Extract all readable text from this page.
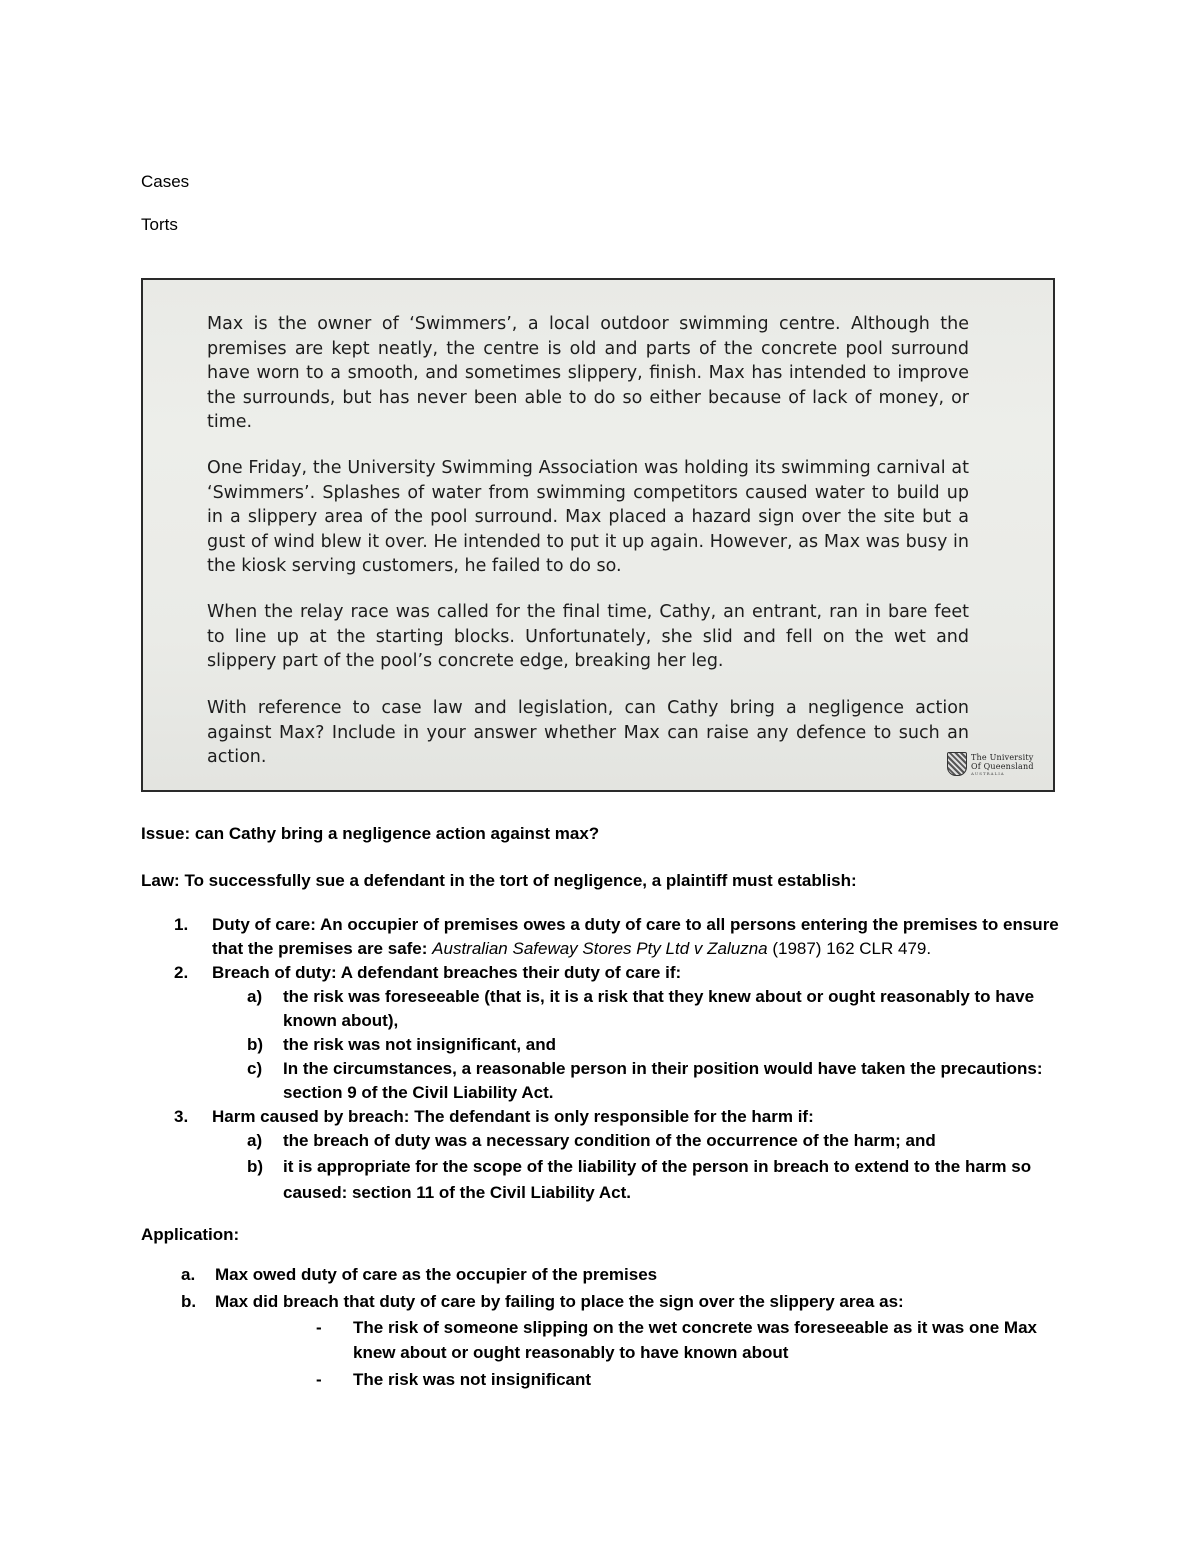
Cases
Torts
Max is the owner of ‘Swimmers’, a local outdoor swimming centre. Although the premises are kept neatly, the centre is old and parts of the concrete pool surround have worn to a smooth, and sometimes slippery, finish. Max has intended to improve the surrounds, but has never been able to do so either because of lack of money, or time.
One Friday, the University Swimming Association was holding its swimming carnival at ‘Swimmers’. Splashes of water from swimming competitors caused water to build up in a slippery area of the pool surround. Max placed a hazard sign over the site but a gust of wind blew it over. He intended to put it up again. However, as Max was busy in the kiosk serving customers, he failed to do so.
When the relay race was called for the final time, Cathy, an entrant, ran in bare feet to line up at the starting blocks. Unfortunately, she slid and fell on the wet and slippery part of the pool’s concrete edge, breaking her leg.
With reference to case law and legislation, can Cathy bring a negligence action against Max? Include in your answer whether Max can raise any defence to such an action.	The University
Of Queensland
AUSTRALIA
Issue: can Cathy bring a negligence action against max?
Law: To successfully sue a defendant in the tort of negligence, a plaintiff must establish:
1. Duty of care: An occupier of premises owes a duty of care to all persons entering the premises to ensure
that the premises are safe: Australian Safeway Stores Pty Ltd v Zaluzna (1987) 162 CLR 479.
2. Breach of duty: A defendant breaches their duty of care if:
a) the risk was foreseeable (that is, it is a risk that they knew about or ought reasonably to have
known about),
b) the risk was not insignificant, and
c) In the circumstances, a reasonable person in their position would have taken the precautions:
section 9 of the Civil Liability Act.
3. Harm caused by breach: The defendant is only responsible for the harm if:
a) the breach of duty was a necessary condition of the occurrence of the harm; and
b) it is appropriate for the scope of the liability of the person in breach to extend to the harm so
caused: section 11 of the Civil Liability Act.
Application:
a. Max owed duty of care as the occupier of the premises
b. Max did breach that duty of care by failing to place the sign over the slippery area as:
- The risk of someone slipping on the wet concrete was foreseeable as it was one Max
knew about or ought reasonably to have known about
- The risk was not insignificant
